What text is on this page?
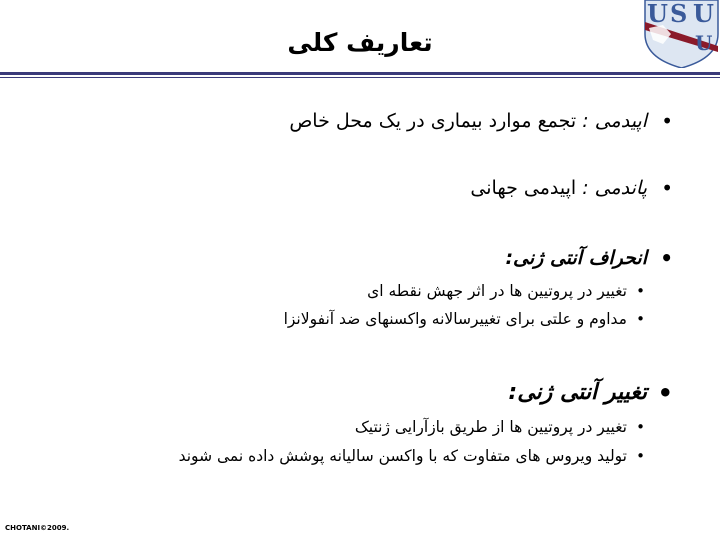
تعاریف کلی
U S U
U
• اپیدمی : تجمع موارد بیماری در یک محل خاص
• پاندمی : اپیدمی جهانی
• انحراف آنتی ژنی:
• تغییر در پروتیین ها در اثر جهش نقطه ای
• مداوم و علتی برای تغییرسالانه واکسنهای ضد آنفولانزا
• تغییر آنتی ژنی:
• تغییر در پروتیین ها از طریق بازآرایی ژنتیک
• تولید ویروس های متفاوت که با واکسن سالیانه پوشش داده نمی شوند
CHOTANI©2009.
